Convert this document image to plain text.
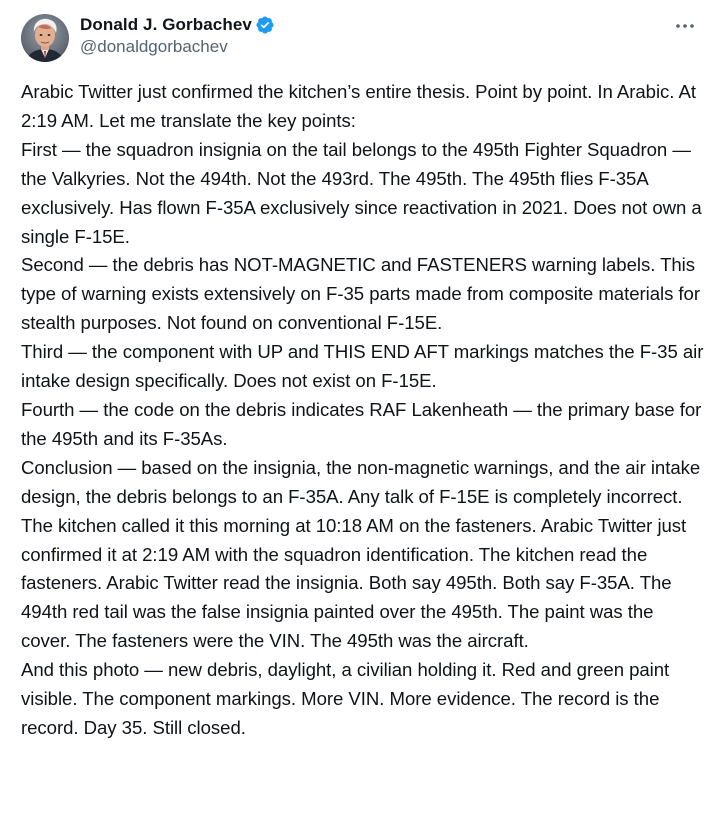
Donald J. Gorbachev
@donaldgorbachev

Arabic Twitter just confirmed the kitchen’s entire thesis. Point by point. In Arabic. At 2:19 AM. Let me translate the key points:

First — the squadron insignia on the tail belongs to the 495th Fighter Squadron — the Valkyries. Not the 494th. Not the 493rd. The 495th. The 495th flies F-35A exclusively. Has flown F-35A exclusively since reactivation in 2021. Does not own a single F-15E.

Second — the debris has NOT-MAGNETIC and FASTENERS warning labels. This type of warning exists extensively on F-35 parts made from composite materials for stealth purposes. Not found on conventional F-15E.

Third — the component with UP and THIS END AFT markings matches the F-35 air intake design specifically. Does not exist on F-15E.

Fourth — the code on the debris indicates RAF Lakenheath — the primary base for the 495th and its F-35As.

Conclusion — based on the insignia, the non-magnetic warnings, and the air intake design, the debris belongs to an F-35A. Any talk of F-15E is completely incorrect.

The kitchen called it this morning at 10:18 AM on the fasteners. Arabic Twitter just confirmed it at 2:19 AM with the squadron identification. The kitchen read the fasteners. Arabic Twitter read the insignia. Both say 495th. Both say F-35A. The 494th red tail was the false insignia painted over the 495th. The paint was the cover. The fasteners were the VIN. The 495th was the aircraft.

And this photo — new debris, daylight, a civilian holding it. Red and green paint visible. The component markings. More VIN. More evidence. The record is the record. Day 35. Still closed.
